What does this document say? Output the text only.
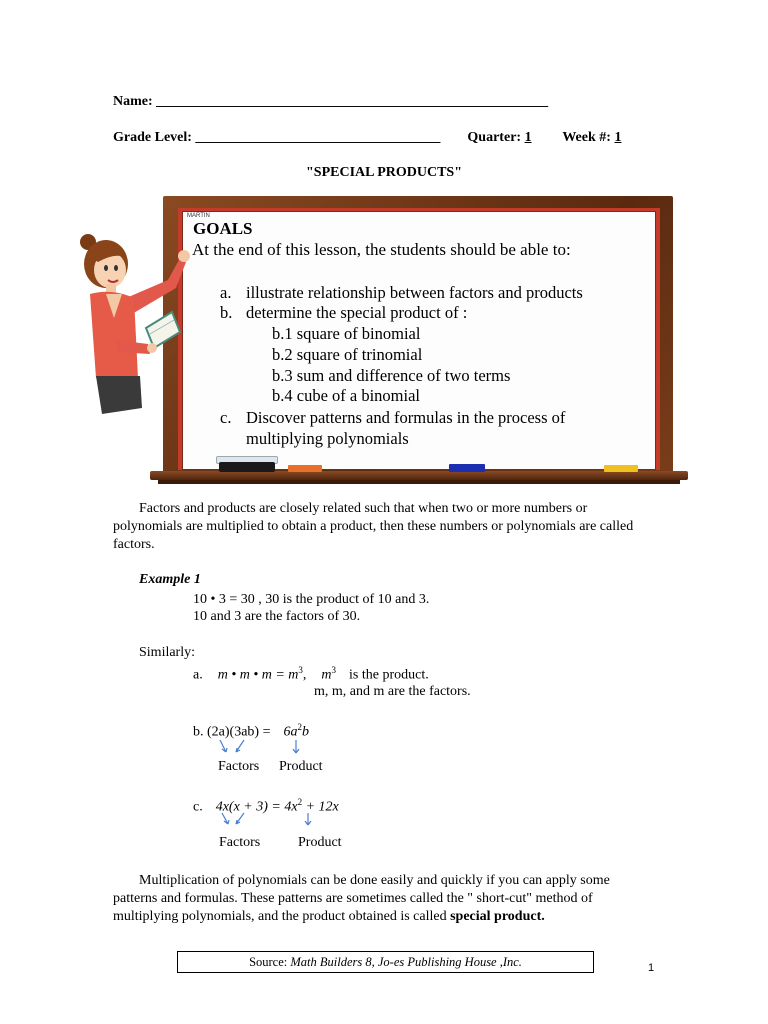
Name: ________________________________________________________
Grade Level: ___________________________________ Quarter: 1 Week #: 1
"SPECIAL PRODUCTS"
MARTIN
GOALS
At the end of this lesson, the students should be able to:
a. illustrate relationship between factors and products
b. determine the special product of :
b.1 square of binomial
b.2 square of trinomial
b.3 sum and difference of two terms
b.4 cube of a binomial
c. Discover patterns and formulas in the process of
multiplying polynomials
Factors and products are closely related such that when two or more numbers or polynomials are multiplied to obtain a product, then these numbers or polynomials are called factors.
Example 1
10 • 3 = 30 , 30 is the product of 10 and 3.
10 and 3 are the factors of 30.
Similarly:
a. m • m • $m = m^3$, $m^3$ is the product.
m, m, and m are the factors.
b. $(2a)(3ab) = 6a^2b$
Factors Product
c. $4x(x + 3) = 4x^2 + 12x$
Factors	Product
Multiplication of polynomials can be done easily and quickly if you can apply some patterns and formulas. These patterns are sometimes called the " short-cut" method of multiplying polynomials, and the product obtained is called special product.
Source: Math Builders 8, Jo-es Publishing House ,Inc.	1
